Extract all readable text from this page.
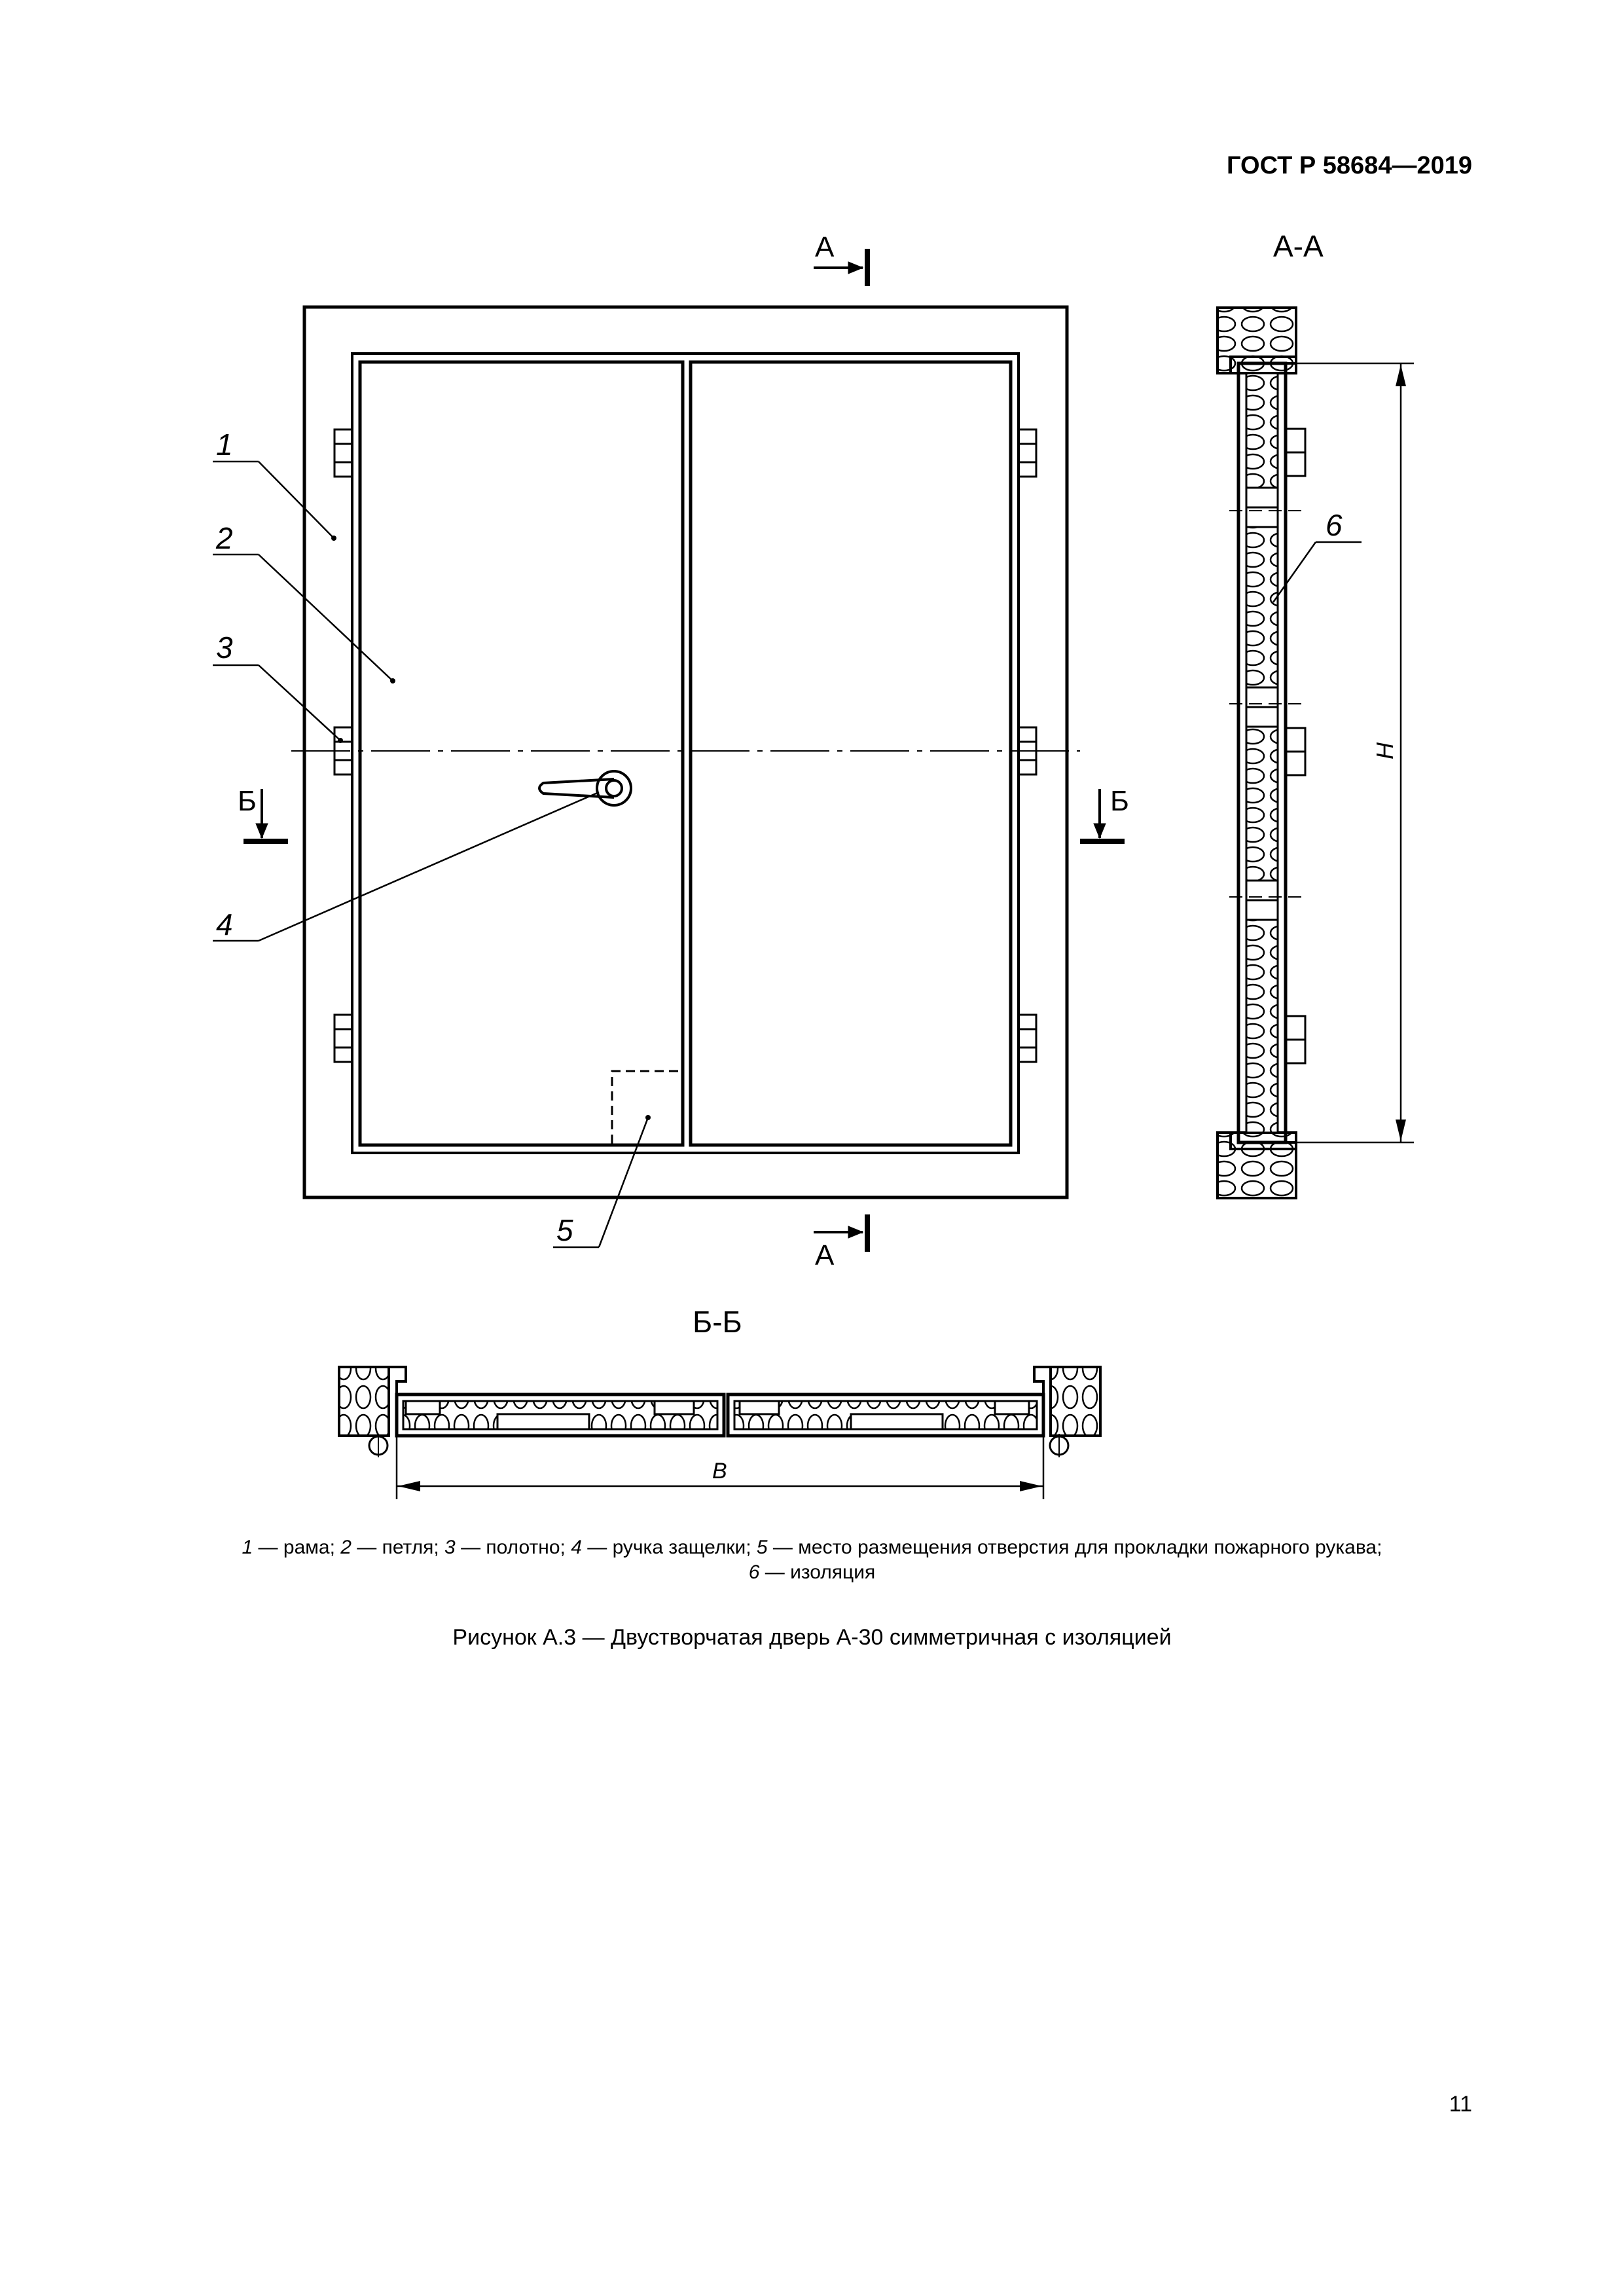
ГОСТ Р 58684—2019
А
А
Б	Б
1
2
3
4
5
А-А
6
H
Б-Б
B
1 — рама; 2 — петля; 3 — полотно; 4 — ручка защелки; 5 — место размещения отверстия для прокладки пожарного рукава;
6 — изоляция
Рисунок А.3 — Двустворчатая дверь А-30 симметричная с изоляцией
11
